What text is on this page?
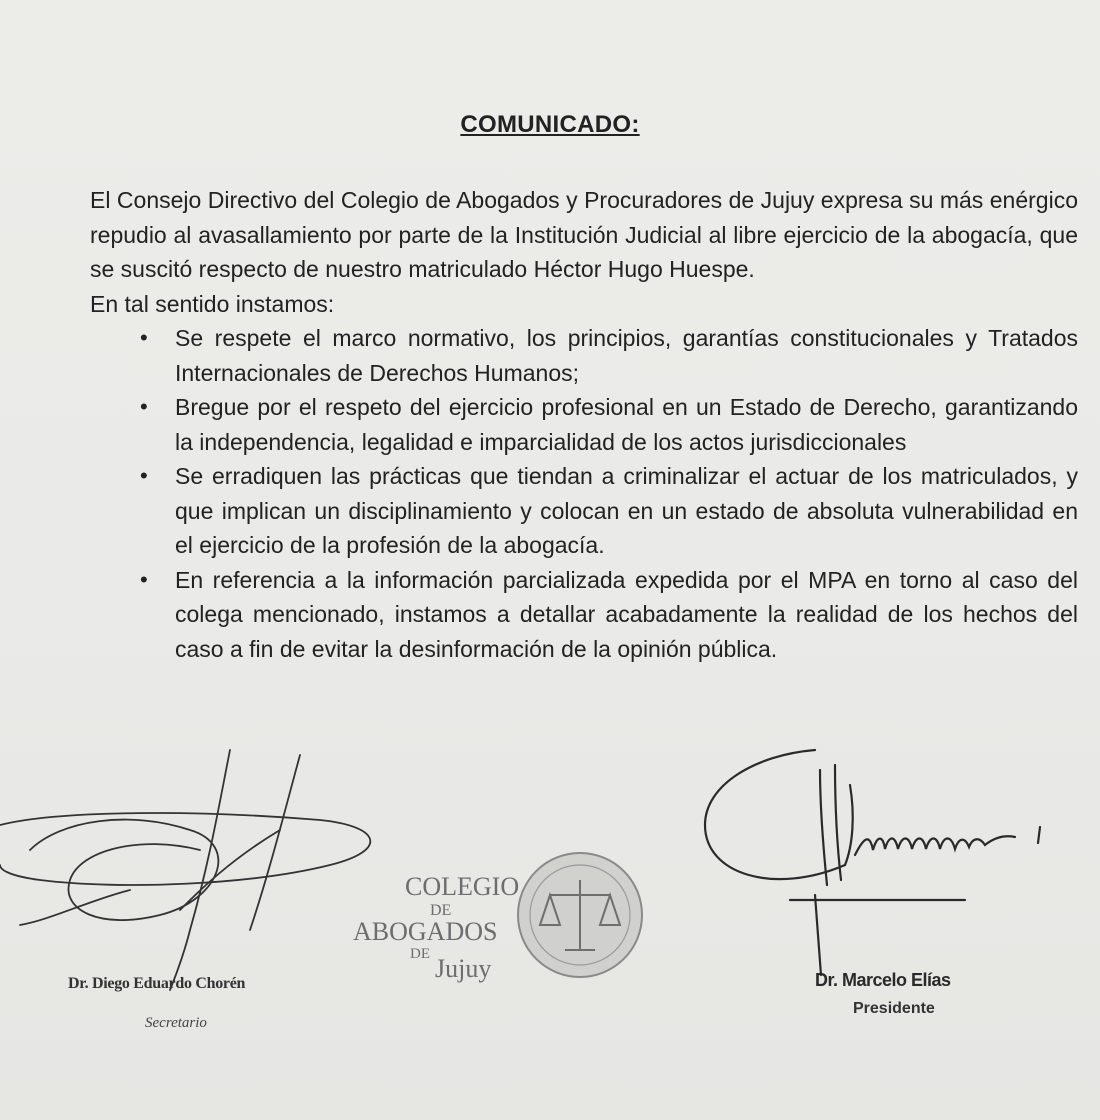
COMUNICADO:

El Consejo Directivo del Colegio de Abogados y Procuradores de Jujuy expresa su más enérgico repudio al avasallamiento por parte de la Institución Judicial al libre ejercicio de la abogacía, que se suscitó respecto de nuestro matriculado Héctor Hugo Huespe.

En tal sentido instamos:

• Se respete el marco normativo, los principios, garantías constitucionales y Tratados Internacionales de Derechos Humanos;
• Bregue por el respeto del ejercicio profesional en un Estado de Derecho, garantizando la independencia, legalidad e imparcialidad de los actos jurisdiccionales
• Se erradiquen las prácticas que tiendan a criminalizar el actuar de los matriculados, y que implican un disciplinamiento y colocan en un estado de absoluta vulnerabilidad en el ejercicio de la profesión de la abogacía.
• En referencia a la información parcializada expedida por el MPA en torno al caso del colega mencionado, instamos a detallar acabadamente la realidad de los hechos del caso a fin de evitar la desinformación de la opinión pública.
COLEGIO
DE
ABOGADOS
DE Jujuy
Dr. Diego Eduardo Chorén
Secretario
Dr. Marcelo Elías
Presidente
